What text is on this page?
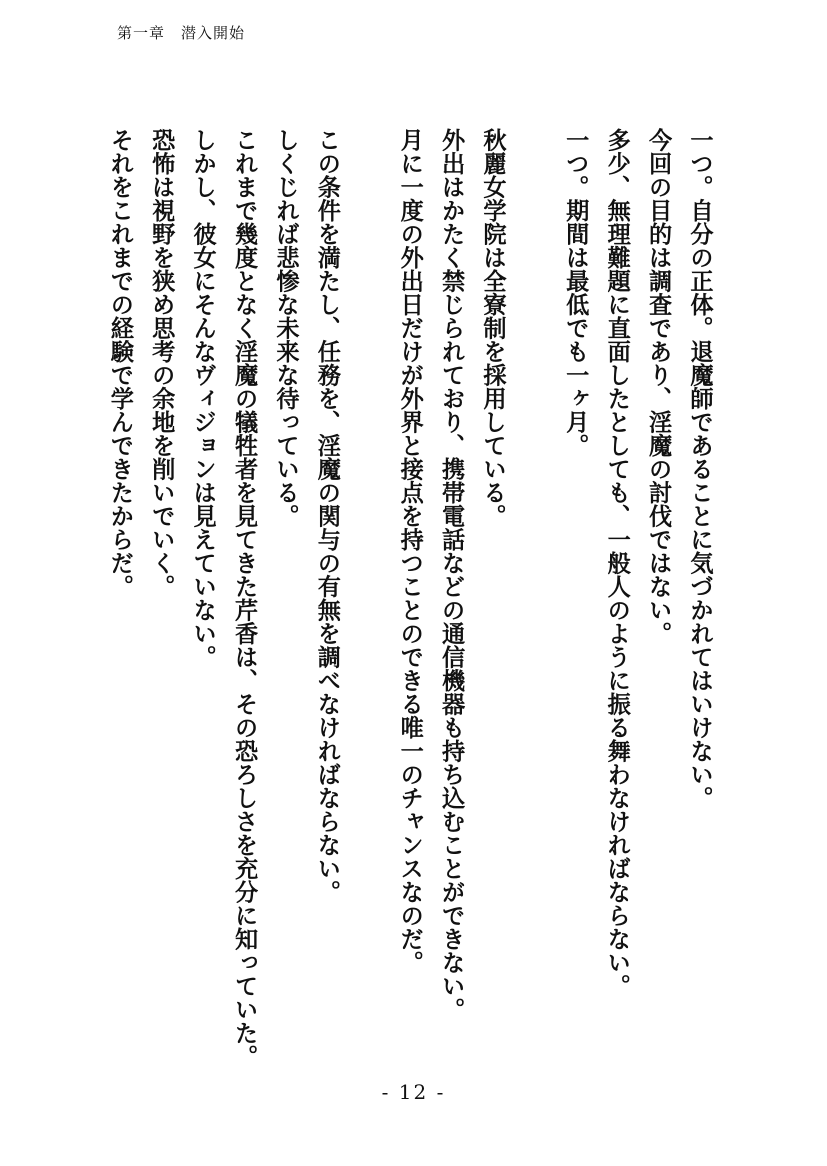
第一章　潜入開始
一つ。自分の正体。退魔師であることに気づかれてはいけない。
今回の目的は調査であり、淫魔の討伐ではない。
多少、無理難題に直面したとしても、一般人のように振る舞わなければならない。
一つ。期間は最低でも一ヶ月。
秋麗女学院は全寮制を採用している。
外出はかたく禁じられており、携帯電話などの通信機器も持ち込むことができない。
月に一度の外出日だけが外界と接点を持つことのできる唯一のチャンスなのだ。
この条件を満たし、任務を、淫魔の関与の有無を調べなければならない。
しくじれば悲惨な未来な待っている。
これまで幾度となく淫魔の犠牲者を見てきた芹香は、その恐ろしさを充分に知っていた。
しかし、彼女にそんなヴィジョンは見えていない。
恐怖は視野を狭め思考の余地を削いでいく。
それをこれまでの経験で学んできたからだ。
- 12 -
